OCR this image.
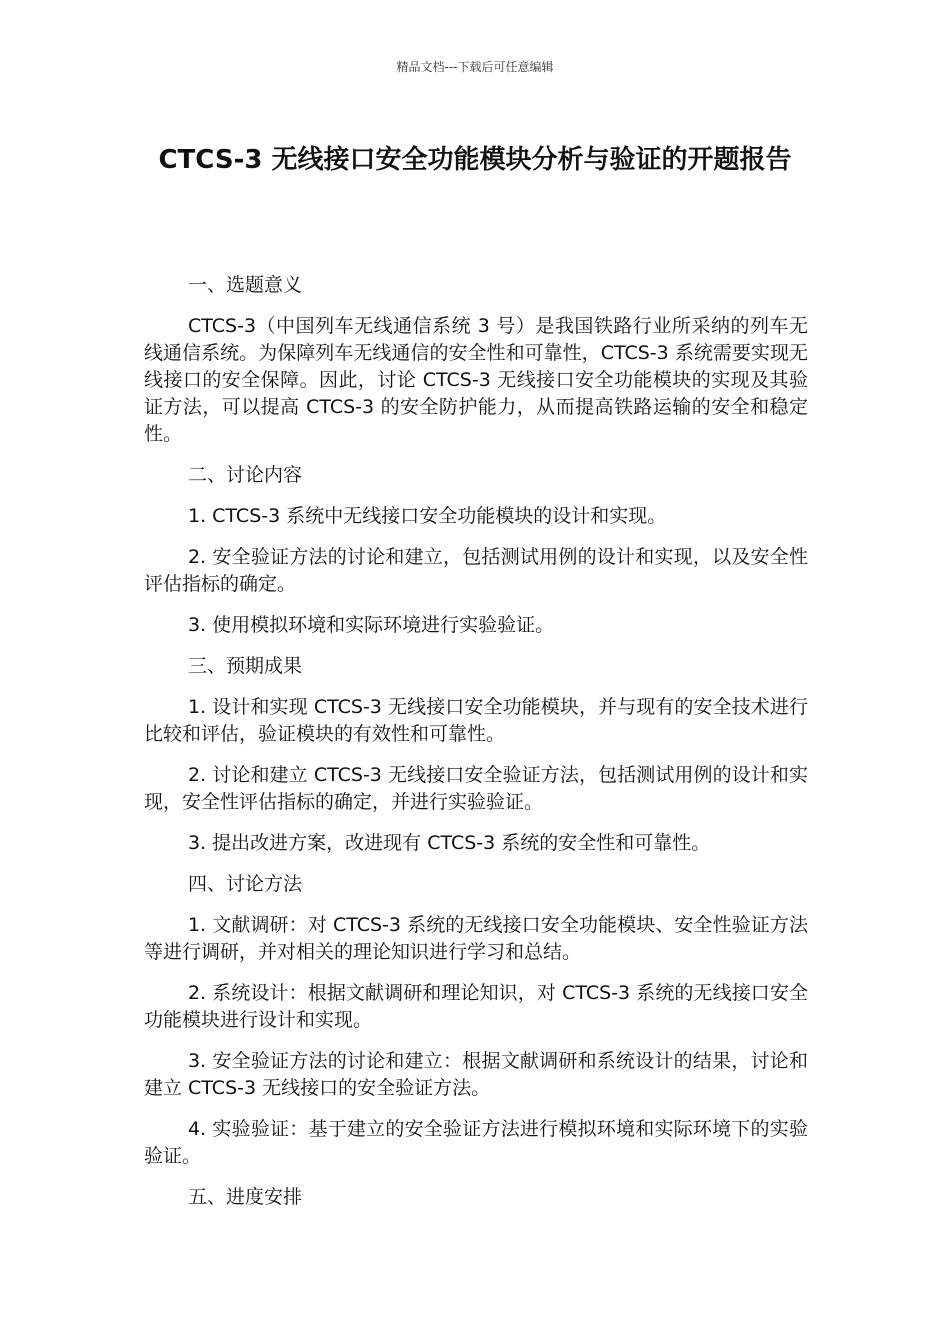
精品文档---下载后可任意编辑
CTCS-3 无线接口安全功能模块分析与验证的开题报告

一、选题意义

CTCS-3（中国列车无线通信系统 3 号）是我国铁路行业所采纳的列车无线通信系统。为保障列车无线通信的安全性和可靠性，CTCS-3 系统需要实现无线接口的安全保障。因此，讨论 CTCS-3 无线接口安全功能模块的实现及其验证方法，可以提高 CTCS-3 的安全防护能力，从而提高铁路运输的安全和稳定性。

二、讨论内容

1. CTCS-3 系统中无线接口安全功能模块的设计和实现。

2. 安全验证方法的讨论和建立，包括测试用例的设计和实现，以及安全性评估指标的确定。

3. 使用模拟环境和实际环境进行实验验证。

三、预期成果

1. 设计和实现 CTCS-3 无线接口安全功能模块，并与现有的安全技术进行比较和评估，验证模块的有效性和可靠性。

2. 讨论和建立 CTCS-3 无线接口安全验证方法，包括测试用例的设计和实现，安全性评估指标的确定，并进行实验验证。

3. 提出改进方案，改进现有 CTCS-3 系统的安全性和可靠性。

四、讨论方法

1. 文献调研：对 CTCS-3 系统的无线接口安全功能模块、安全性验证方法等进行调研，并对相关的理论知识进行学习和总结。

2. 系统设计：根据文献调研和理论知识，对 CTCS-3 系统的无线接口安全功能模块进行设计和实现。

3. 安全验证方法的讨论和建立：根据文献调研和系统设计的结果，讨论和建立 CTCS-3 无线接口的安全验证方法。

4. 实验验证：基于建立的安全验证方法进行模拟环境和实际环境下的实验验证。

五、进度安排
